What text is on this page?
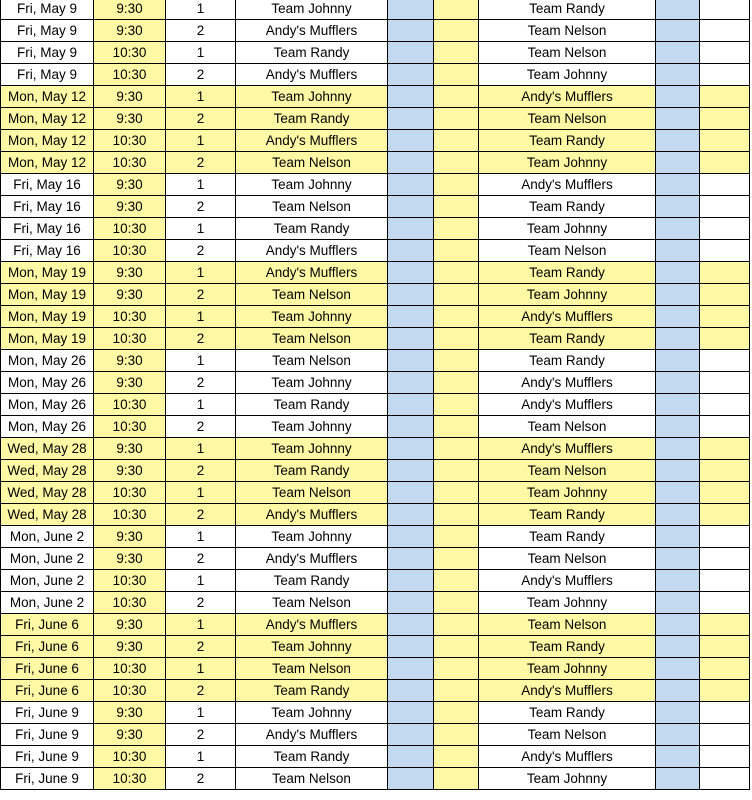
Fri, May 9	9:30	1	Team Johnny			Team Randy		
Fri, May 9	9:30	2	Andy's Mufflers			Team Nelson		
Fri, May 9	10:30	1	Team Randy			Team Nelson		
Fri, May 9	10:30	2	Andy's Mufflers			Team Johnny		
Mon, May 12	9:30	1	Team Johnny			Andy's Mufflers		
Mon, May 12	9:30	2	Team Randy			Team Nelson		
Mon, May 12	10:30	1	Andy's Mufflers			Team Randy		
Mon, May 12	10:30	2	Team Nelson			Team Johnny		
Fri, May 16	9:30	1	Team Johnny			Andy's Mufflers		
Fri, May 16	9:30	2	Team Nelson			Team Randy		
Fri, May 16	10:30	1	Team Randy			Team Johnny		
Fri, May 16	10:30	2	Andy's Mufflers			Team Nelson		
Mon, May 19	9:30	1	Andy's Mufflers			Team Randy		
Mon, May 19	9:30	2	Team Nelson			Team Johnny		
Mon, May 19	10:30	1	Team Johnny			Andy's Mufflers		
Mon, May 19	10:30	2	Team Nelson			Team Randy		
Mon, May 26	9:30	1	Team Nelson			Team Randy		
Mon, May 26	9:30	2	Team Johnny			Andy's Mufflers		
Mon, May 26	10:30	1	Team Randy			Andy's Mufflers		
Mon, May 26	10:30	2	Team Johnny			Team Nelson		
Wed, May 28	9:30	1	Team Johnny			Andy's Mufflers		
Wed, May 28	9:30	2	Team Randy			Team Nelson		
Wed, May 28	10:30	1	Team Nelson			Team Johnny		
Wed, May 28	10:30	2	Andy's Mufflers			Team Randy		
Mon, June 2	9:30	1	Team Johnny			Team Randy		
Mon, June 2	9:30	2	Andy's Mufflers			Team Nelson		
Mon, June 2	10:30	1	Team Randy			Andy's Mufflers		
Mon, June 2	10:30	2	Team Nelson			Team Johnny		
Fri, June 6	9:30	1	Andy's Mufflers			Team Nelson		
Fri, June 6	9:30	2	Team Johnny			Team Randy		
Fri, June 6	10:30	1	Team Nelson			Team Johnny		
Fri, June 6	10:30	2	Team Randy			Andy's Mufflers		
Fri, June 9	9:30	1	Team Johnny			Team Randy		
Fri, June 9	9:30	2	Andy's Mufflers			Team Nelson		
Fri, June 9	10:30	1	Team Randy			Andy's Mufflers		
Fri, June 9	10:30	2	Team Nelson			Team Johnny		
